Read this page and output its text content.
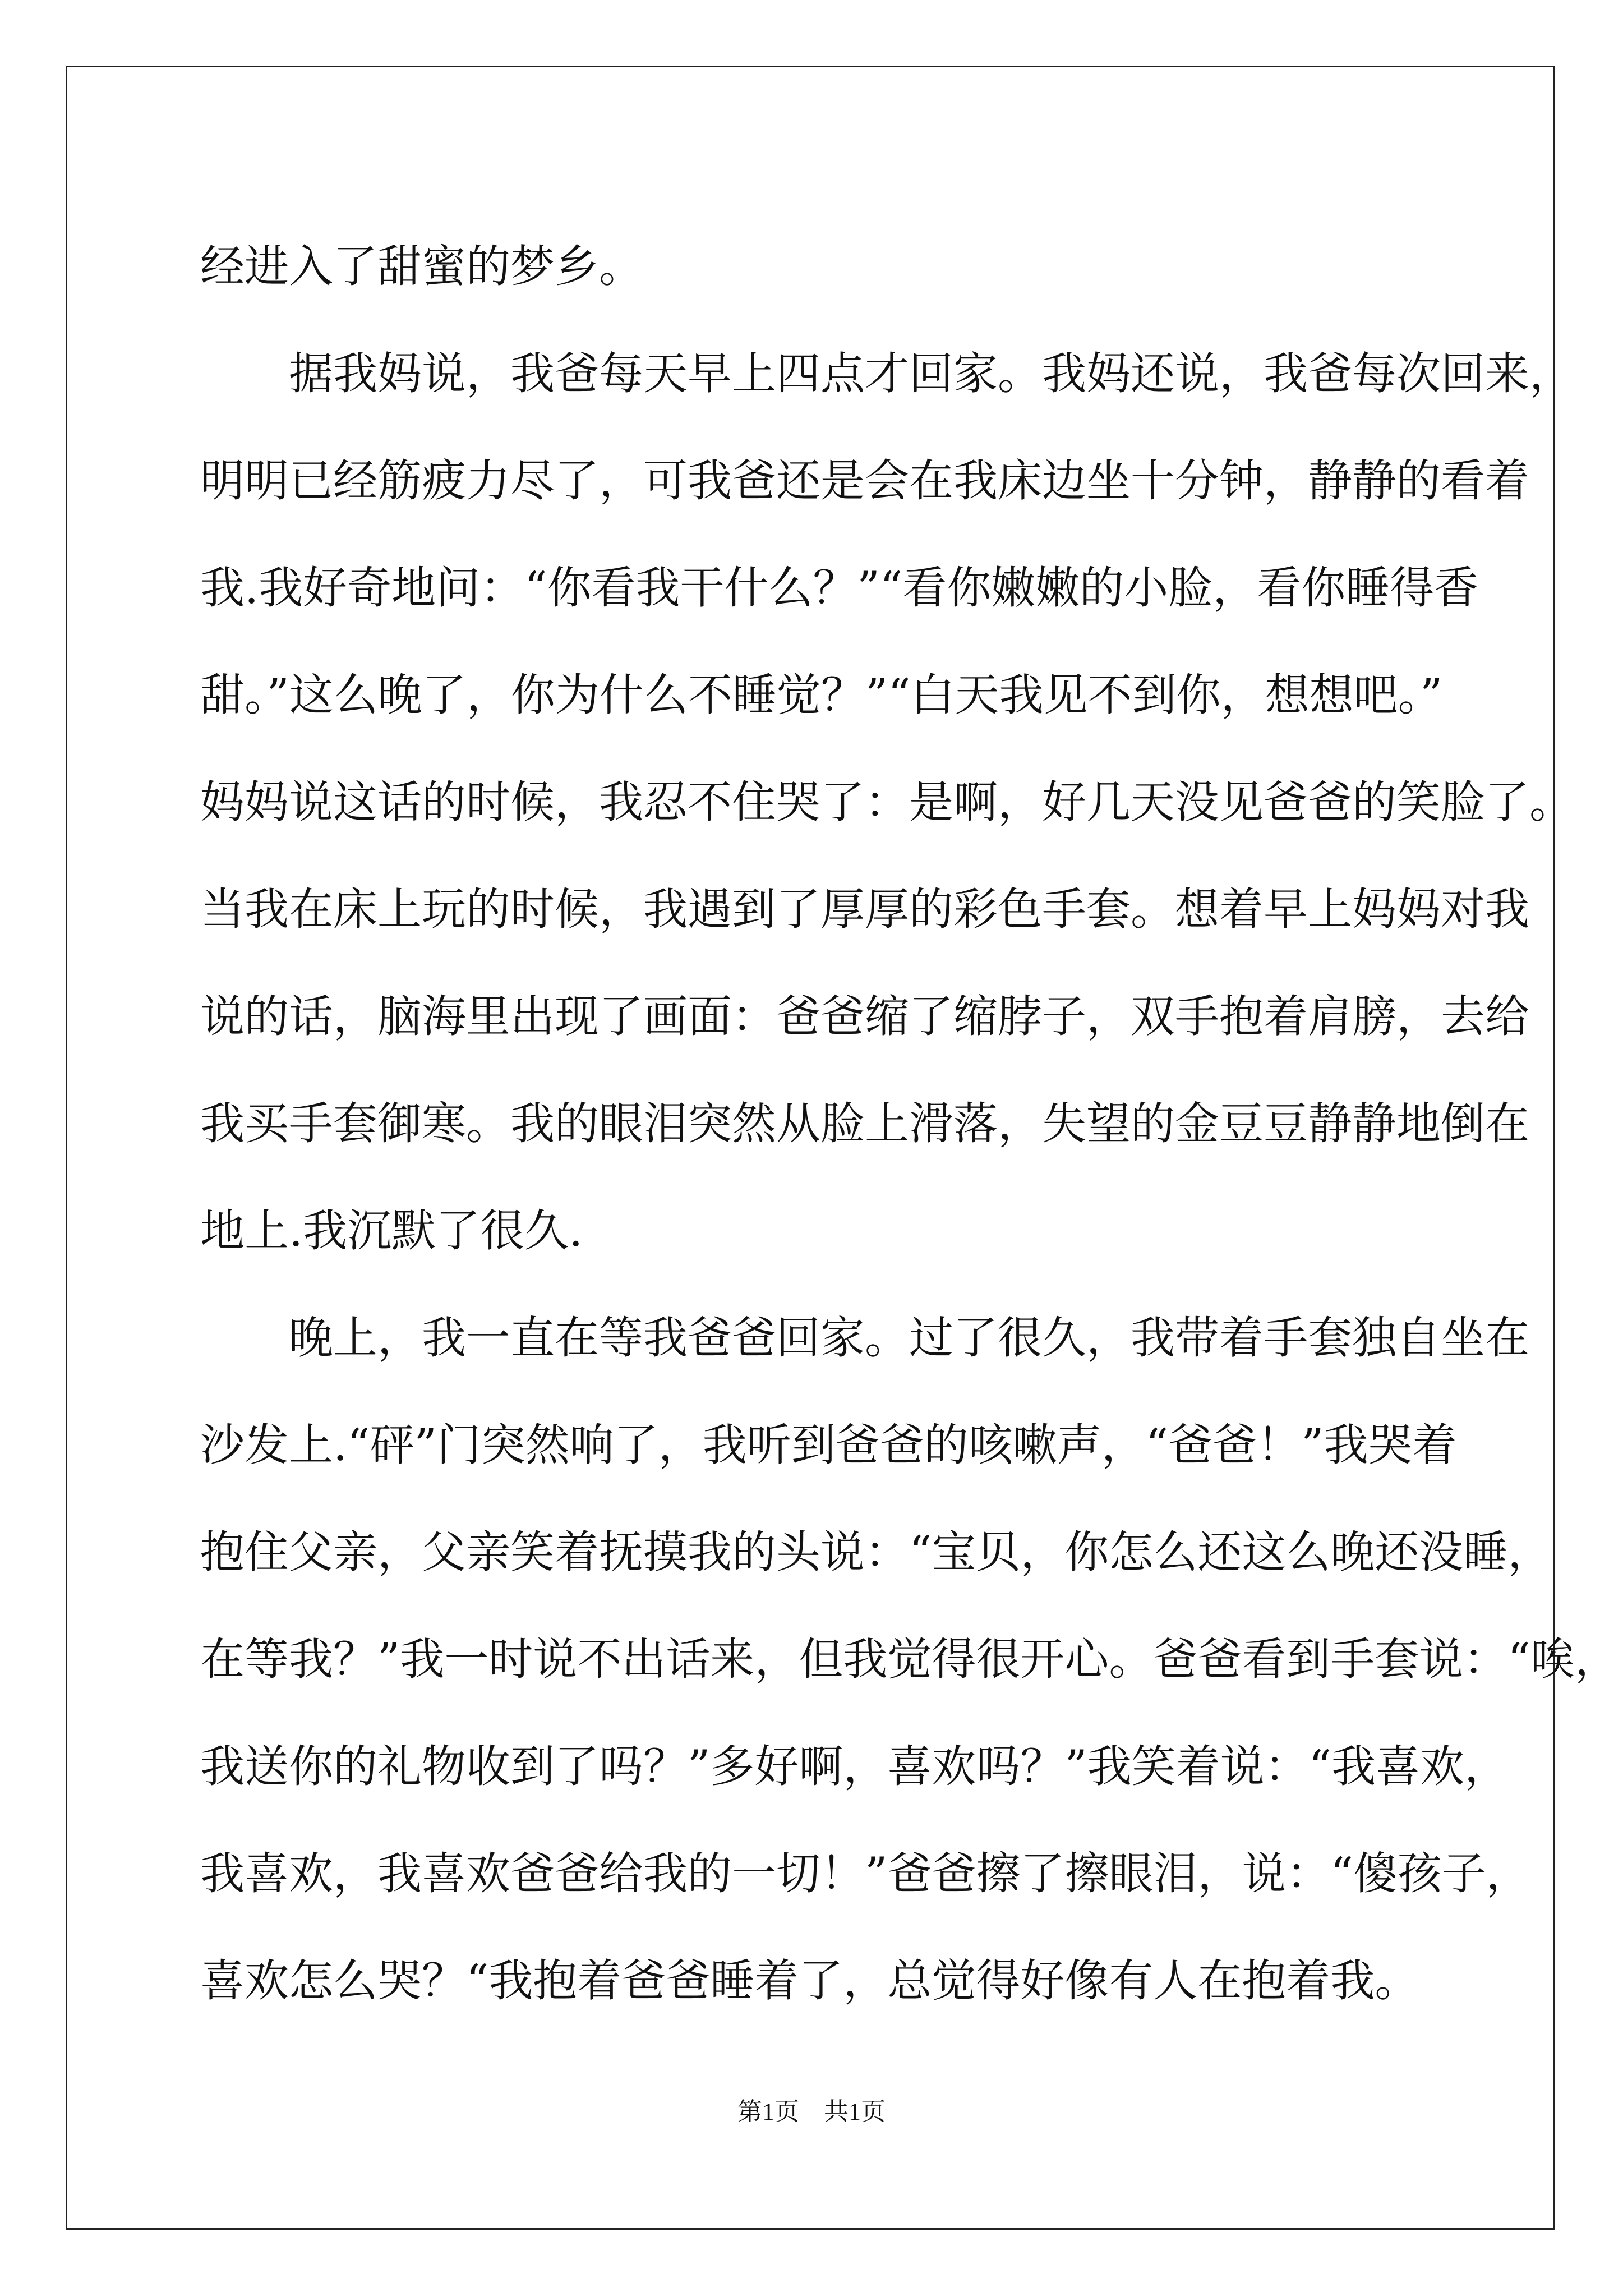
经进入了甜蜜的梦乡。
　　据我妈说，我爸每天早上四点才回家。我妈还说，我爸每次回来，
明明已经筋疲力尽了，可我爸还是会在我床边坐十分钟，静静的看着
我.我好奇地问：“你看我干什么？”“看你嫩嫩的小脸，看你睡得香
甜。”这么晚了，你为什么不睡觉？”“白天我见不到你，想想吧。”
妈妈说这话的时候，我忍不住哭了：是啊，好几天没见爸爸的笑脸了。
当我在床上玩的时候，我遇到了厚厚的彩色手套。想着早上妈妈对我
说的话，脑海里出现了画面：爸爸缩了缩脖子，双手抱着肩膀，去给
我买手套御寒。我的眼泪突然从脸上滑落，失望的金豆豆静静地倒在
地上.我沉默了很久.
　　晚上，我一直在等我爸爸回家。过了很久，我带着手套独自坐在
沙发上.“砰”门突然响了，我听到爸爸的咳嗽声，“爸爸！”我哭着
抱住父亲，父亲笑着抚摸我的头说：“宝贝，你怎么还这么晚还没睡，
在等我？”我一时说不出话来，但我觉得很开心。爸爸看到手套说：“唉，
我送你的礼物收到了吗？”多好啊，喜欢吗？”我笑着说：“我喜欢，
我喜欢，我喜欢爸爸给我的一切！”爸爸擦了擦眼泪，说：“傻孩子，
喜欢怎么哭？“我抱着爸爸睡着了，总觉得好像有人在抱着我。
第1页　共1页
